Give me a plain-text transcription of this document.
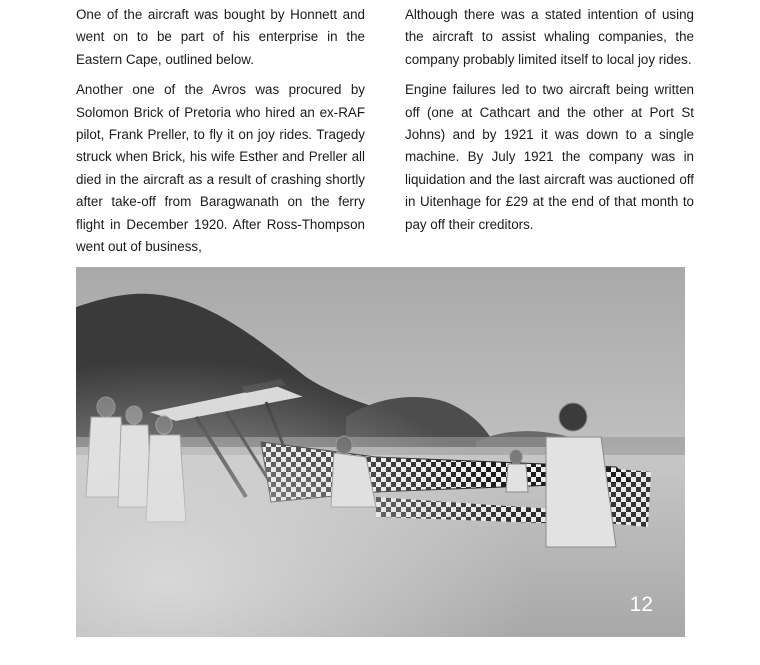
One of the aircraft was bought by Honnett and went on to be part of his enterprise in the Eastern Cape, outlined below.

Another one of the Avros was procured by Solomon Brick of Pretoria who hired an ex-RAF pilot, Frank Preller, to fly it on joy rides. Tragedy struck when Brick, his wife Esther and Preller all died in the aircraft as a result of crashing shortly after take-off from Baragwanath on the ferry flight in December 1920. After Ross-Thompson went out of business,

Although there was a stated intention of using the aircraft to assist whaling companies, the company probably limited itself to local joy rides.

Engine failures led to two aircraft being written off (one at Cathcart and the other at Port St Johns) and by 1921 it was down to a single machine. By July 1921 the company was in liquidation and the last aircraft was auctioned off in Uitenhage for £29 at the end of that month to pay off their creditors.

12
